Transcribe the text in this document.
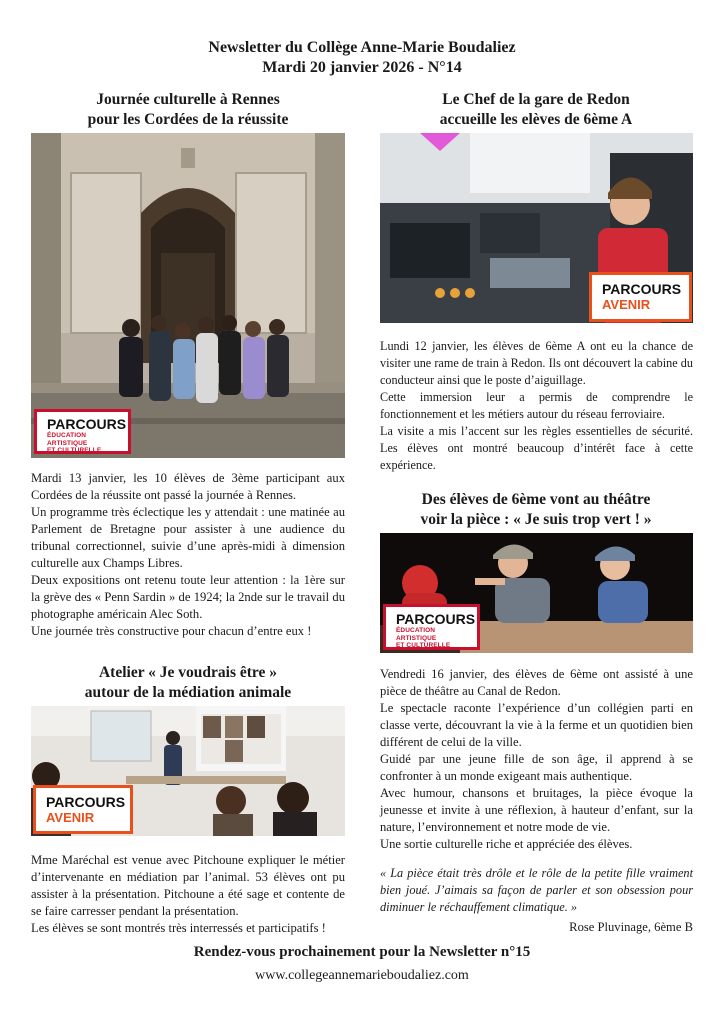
Newsletter du Collège Anne-Marie Boudaliez
Mardi 20 janvier 2026 - N°14
Journée culturelle à Rennes
pour les Cordées de la réussite
PARCOURS
ÉDUCATION ARTISTIQUE
ET CULTURELLE

Mardi 13 janvier, les 10 élèves de 3ème participant aux Cordées de la réussite ont passé la journée à Rennes.

Un programme très éclectique les y attendait : une matinée au Parlement de Bretagne pour assister à une audience du tribunal correctionnel, suivie d’une après-midi à dimension culturelle aux Champs Libres.

Deux expositions ont retenu toute leur attention : la 1ère sur la grève des « Penn Sardin » de 1924; la 2nde sur le travail du photographe américain Alec Soth.

Une journée très constructive pour chacun d’entre eux !

Atelier « Je voudrais être »
autour de la médiation animale
PARCOURS
AVENIR

Mme Maréchal est venue avec Pitchoune expliquer le métier d’intervenante en médiation par l’animal. 53 élèves ont pu assister à la présentation. Pitchoune a été sage et contente de se faire carresser pendant la présentation.

Les élèves se sont montrés très interressés et participatifs !

Le Chef de la gare de Redon
accueille les elèves de 6ème A
PARCOURS
AVENIR

Lundi 12 janvier, les élèves de 6ème A ont eu la chance de visiter une rame de train à Redon. Ils ont découvert la cabine du conducteur ainsi que le poste d’aiguillage.

Cette immersion leur a permis de comprendre le fonctionnement et les métiers autour du réseau ferroviaire.

La visite a mis l’accent sur les règles essentielles de sécurité. Les élèves ont montré beaucoup d’intérêt face à cette expérience.

Des élèves de 6ème vont au théâtre
voir la pièce : « Je suis trop vert ! »
PARCOURS
ÉDUCATION ARTISTIQUE
ET CULTURELLE

Vendredi 16 janvier, des élèves de 6ème ont assisté à une pièce de théâtre au Canal de Redon.

Le spectacle raconte l’expérience d’un collégien parti en classe verte, découvrant la vie à la ferme et un quotidien bien différent de celui de la ville.

Guidé par une jeune fille de son âge, il apprend à se confronter à un monde exigeant mais authentique.

Avec humour, chansons et bruitages, la pièce évoque la jeunesse et invite à une réflexion, à hauteur d’enfant, sur la nature, l’environnement et notre mode de vie.

Une sortie culturelle riche et appréciée des élèves.

« La pièce était très drôle et le rôle de la petite fille vraiment bien joué. J’aimais sa façon de parler et son obsession pour diminuer le réchauffement climatique. »
Rose Pluvinage, 6ème B
Rendez-vous prochainement pour la Newsletter n°15
www.collegeannemarieboudaliez.com
